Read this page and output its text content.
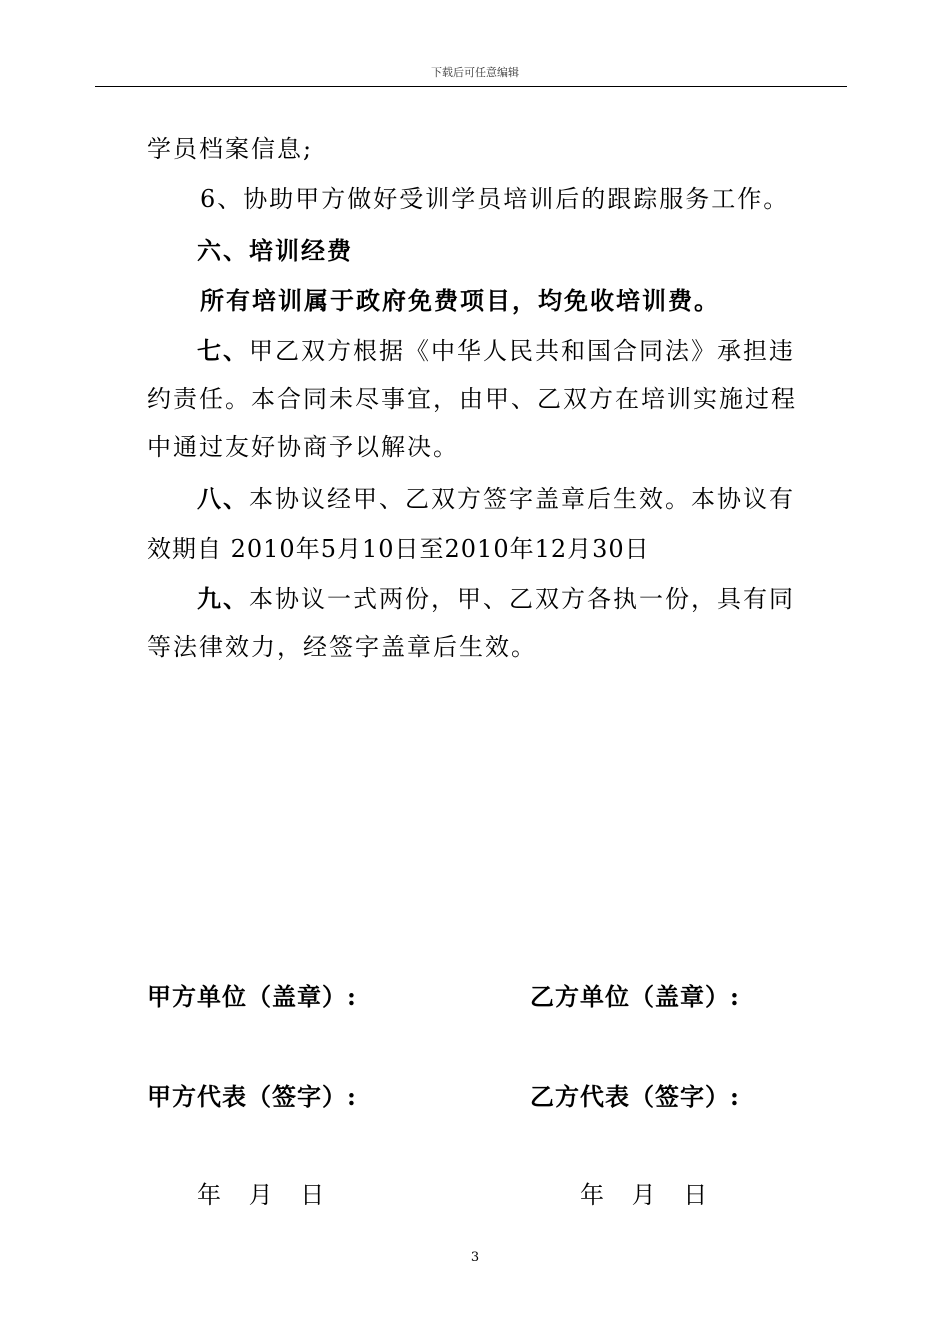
下载后可任意编辑
学员档案信息;
6、协助甲方做好受训学员培训后的跟踪服务工作。
六、培训经费
所有培训属于政府免费项目，均免收培训费。
七、甲乙双方根据《中华人民共和国合同法》承担违
约责任。本合同未尽事宜，由甲、乙双方在培训实施过程
中通过友好协商予以解决。
八、本协议经甲、乙双方签字盖章后生效。本协议有
效期自 2010年5月10日至2010年12月30日
九、本协议一式两份，甲、乙双方各执一份，具有同
等法律效力，经签字盖章后生效。
甲方单位（盖章）:	乙方单位（盖章）:
甲方代表（签字）:	乙方代表（签字）:
年 月 日	年 月 日
3
